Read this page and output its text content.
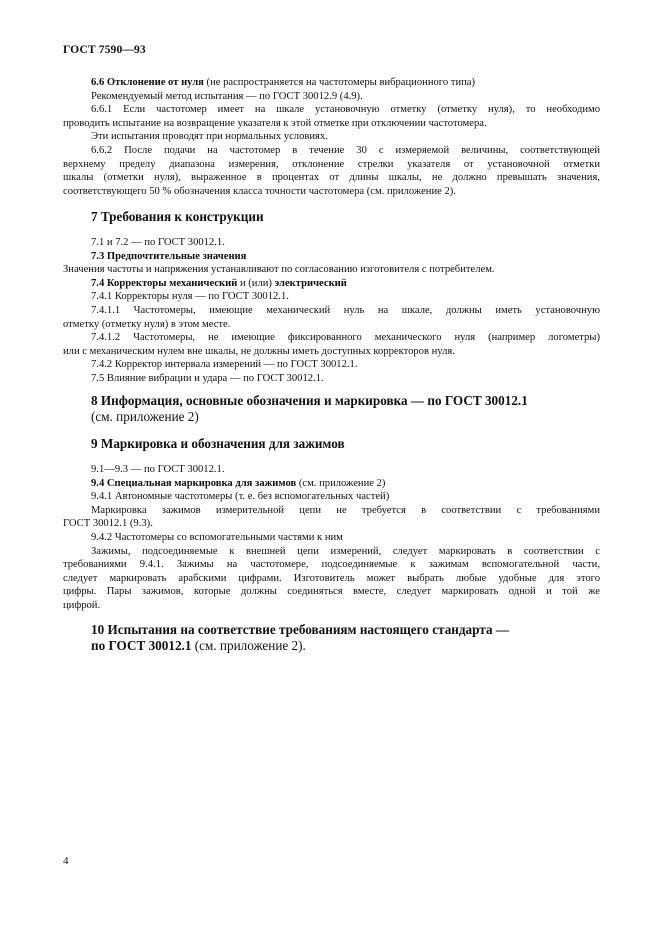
ГОСТ 7590—93
6.6 Отклонение от нуля (не распространяется на частотомеры вибрационного типа)
Рекомендуемый метод испытания — по ГОСТ 30012.9 (4.9).
6.6.1 Если частотомер имеет на шкале установочную отметку (отметку нуля), то необходимо
проводить испытание на возвращение указателя к этой отметке при отключении частотомера.
Эти испытания проводят при нормальных условиях.
6.6.2 После подачи на частотомер в течение 30 с измеряемой величины, соответствующей
верхнему пределу диапазона измерения, отклонение стрелки указателя от установочной отметки
шкалы (отметки нуля), выраженное в процентах от длины шкалы, не должно превышать значения,
соответствующего 50 % обозначения класса точности частотомера (см. приложение 2).
7 Требования к конструкции
7.1 и 7.2 — по ГОСТ 30012.1.
7.3 Предпочтительные значения
Значения частоты и напряжения устанавливают по согласованию изготовителя с потребителем.
7.4 Корректоры механический и (или) электрический
7.4.1 Корректоры нуля — по ГОСТ 30012.1.
7.4.1.1 Частотомеры, имеющие механический нуль на шкале, должны иметь установочную
отметку (отметку нуля) в этом месте.
7.4.1.2 Частотомеры, не имеющие фиксированного механического нуля (например логометры)
или с механическим нулем вне шкалы, не должны иметь доступных корректоров нуля.
7.4.2 Корректор интервала измерений — по ГОСТ 30012.1.
7.5 Влияние вибрации и удара — по ГОСТ 30012.1.
8 Информация, основные обозначения и маркировка — по ГОСТ 30012.1
(см. приложение 2)
9 Маркировка и обозначения для зажимов
9.1—9.3 — по ГОСТ 30012.1.
9.4 Специальная маркировка для зажимов (см. приложение 2)
9.4.1 Автономные частотомеры (т. е. без вспомогательных частей)
Маркировка зажимов измерительной цепи не требуется в соответствии с требованиями
ГОСТ 30012.1 (9.3).
9.4.2 Частотомеры со вспомогательными частями к ним
Зажимы, подсоединяемые к внешней цепи измерений, следует маркировать в соответствии с
требованиями 9.4.1. Зажимы на частотомере, подсоединяемые к зажимам вспомогательной части,
следует маркировать арабскими цифрами. Изготовитель может выбрать любые удобные для этого
цифры. Пары зажимов, которые должны соединяться вместе, следует маркировать одной и той же
цифрой.
10 Испытания на соответствие требованиям настоящего стандарта —
по ГОСТ 30012.1 (см. приложение 2).
4
